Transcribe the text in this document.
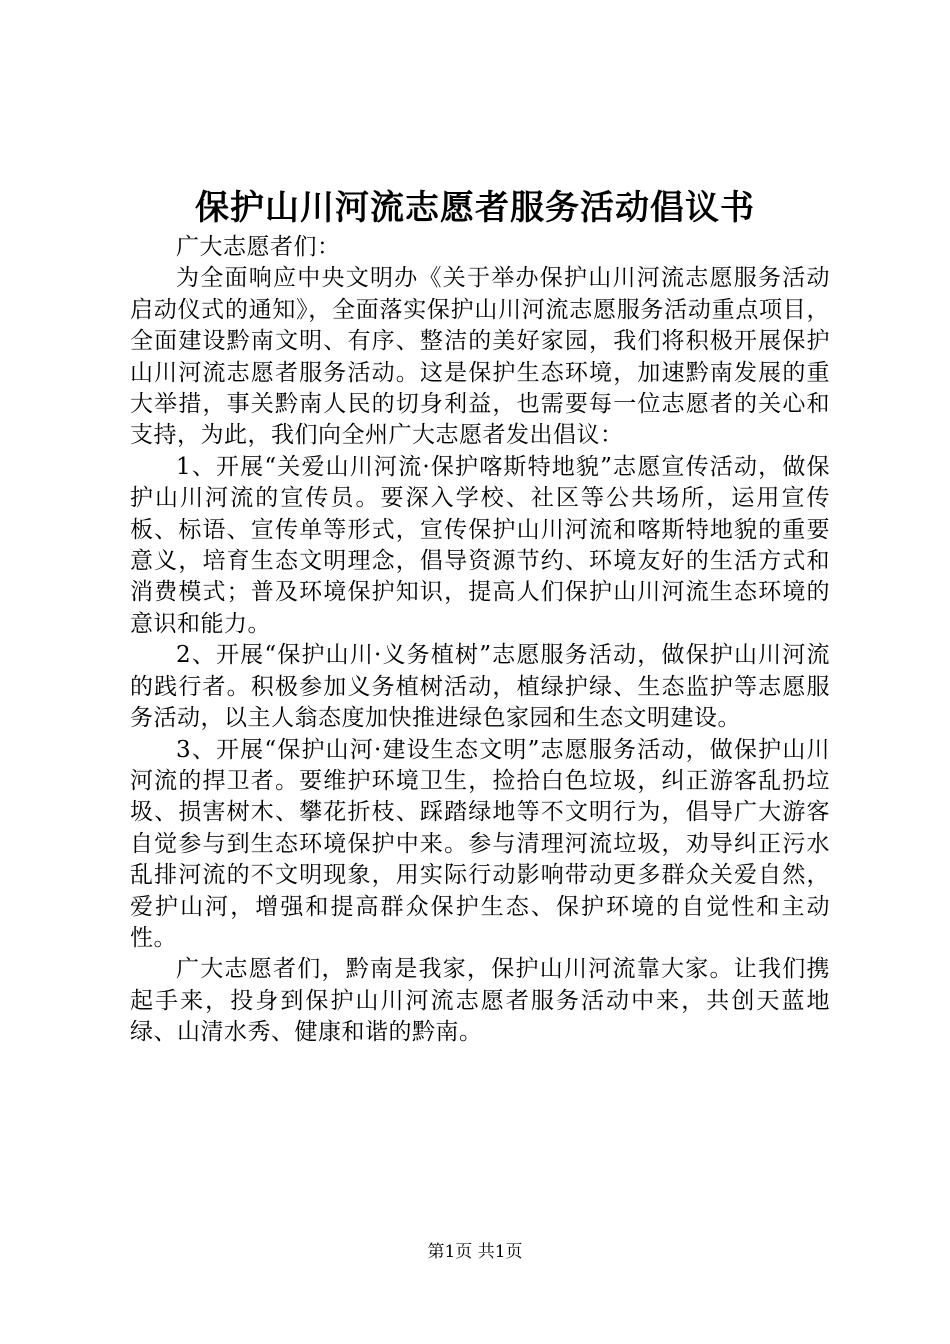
保护山川河流志愿者服务活动倡议书

广大志愿者们：

为全面响应中央文明办《关于举办保护山川河流志愿服务活动启动仪式的通知》，全面落实保护山川河流志愿服务活动重点项目，全面建设黔南文明、有序、整洁的美好家园，我们将积极开展保护山川河流志愿者服务活动。这是保护生态环境，加速黔南发展的重大举措，事关黔南人民的切身利益，也需要每一位志愿者的关心和支持，为此，我们向全州广大志愿者发出倡议：

1、开展“关爱山川河流·保护喀斯特地貌”志愿宣传活动，做保护山川河流的宣传员。要深入学校、社区等公共场所，运用宣传板、标语、宣传单等形式，宣传保护山川河流和喀斯特地貌的重要意义，培育生态文明理念，倡导资源节约、环境友好的生活方式和消费模式；普及环境保护知识，提高人们保护山川河流生态环境的意识和能力。

2、开展“保护山川·义务植树”志愿服务活动，做保护山川河流的践行者。积极参加义务植树活动，植绿护绿、生态监护等志愿服务活动，以主人翁态度加快推进绿色家园和生态文明建设。

3、开展“保护山河·建设生态文明”志愿服务活动，做保护山川河流的捍卫者。要维护环境卫生，捡拾白色垃圾，纠正游客乱扔垃圾、损害树木、攀花折枝、踩踏绿地等不文明行为，倡导广大游客自觉参与到生态环境保护中来。参与清理河流垃圾，劝导纠正污水乱排河流的不文明现象，用实际行动影响带动更多群众关爱自然，爱护山河，增强和提高群众保护生态、保护环境的自觉性和主动性。

广大志愿者们，黔南是我家，保护山川河流靠大家。让我们携起手来，投身到保护山川河流志愿者服务活动中来，共创天蓝地绿、山清水秀、健康和谐的黔南。

第1页 共1页
